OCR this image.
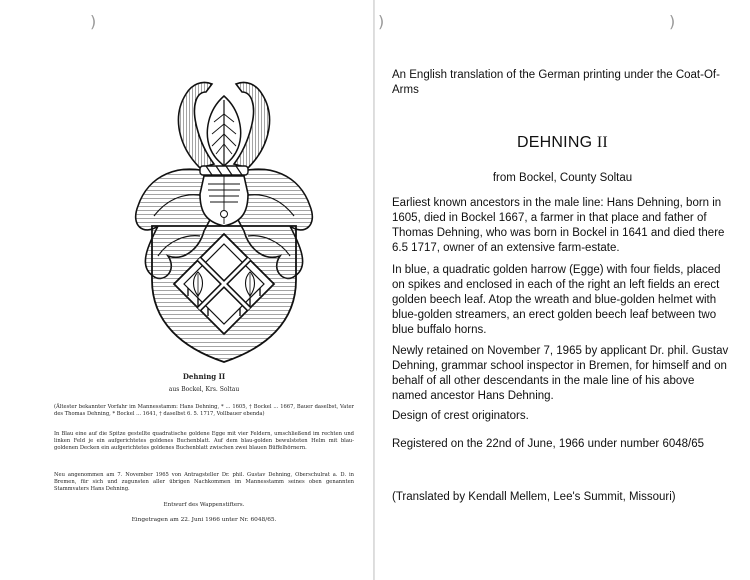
)
Dehning II
aus Bockel, Krs. Soltau
(Ältester bekannter Vorfahr im Mannesstamm: Hans Dehning, * ... 1605, † Bockel ... 1667, Bauer daselbst, Vater des Thomas Dehning, * Bockel ... 1641, † daselbst 6. 5. 1717, Vollbauer ebenda)
In Blau eine auf die Spitze gestellte quadratische goldene Egge mit vier Feldern, umschließend im rechten und linken Feld je ein aufgerichtetes goldenes Buchenblatt. Auf dem blau-golden bewulsteten Helm mit blau-goldenen Decken ein aufgerichtetes goldenes Buchenblatt zwischen zwei blauen Büffelhörnern.
Neu angenommen am 7. November 1965 von Antragsteller Dr. phil. Gustav Dehning, Oberschulrat a. D. in Bremen, für sich und zugunsten aller übrigen Nachkommen im Mannesstamm seines oben genannten Stammvaters Hans Dehning.
Entwurf des Wappenstifters.
Eingetragen am 22. Juni 1966 unter Nr. 6048/65.
)	)
An English translation of the German printing under the Coat-Of-Arms
DEHNING II
from Bockel, County Soltau
Earliest known ancestors in the male line: Hans Dehning, born in 1605, died in Bockel 1667, a farmer in that place and father of Thomas Dehning, who was born in Bockel in 1641 and died there 6.5 1717, owner of an extensive farm-estate.
In blue, a quadratic golden harrow (Egge) with four fields, placed on spikes and enclosed in each of the right an left fields an erect golden beech leaf. Atop the wreath and blue-golden helmet with blue-golden streamers, an erect golden beech leaf between two blue buffalo horns.
Newly retained on November 7, 1965 by applicant Dr. phil. Gustav Dehning, grammar school inspector in Bremen, for himself and on behalf of all other descendants in the male line of his above named ancestor Hans Dehning.
Design of crest originators.
Registered on the 22nd of June, 1966 under number 6048/65
(Translated by Kendall Mellem, Lee's Summit, Missouri)
